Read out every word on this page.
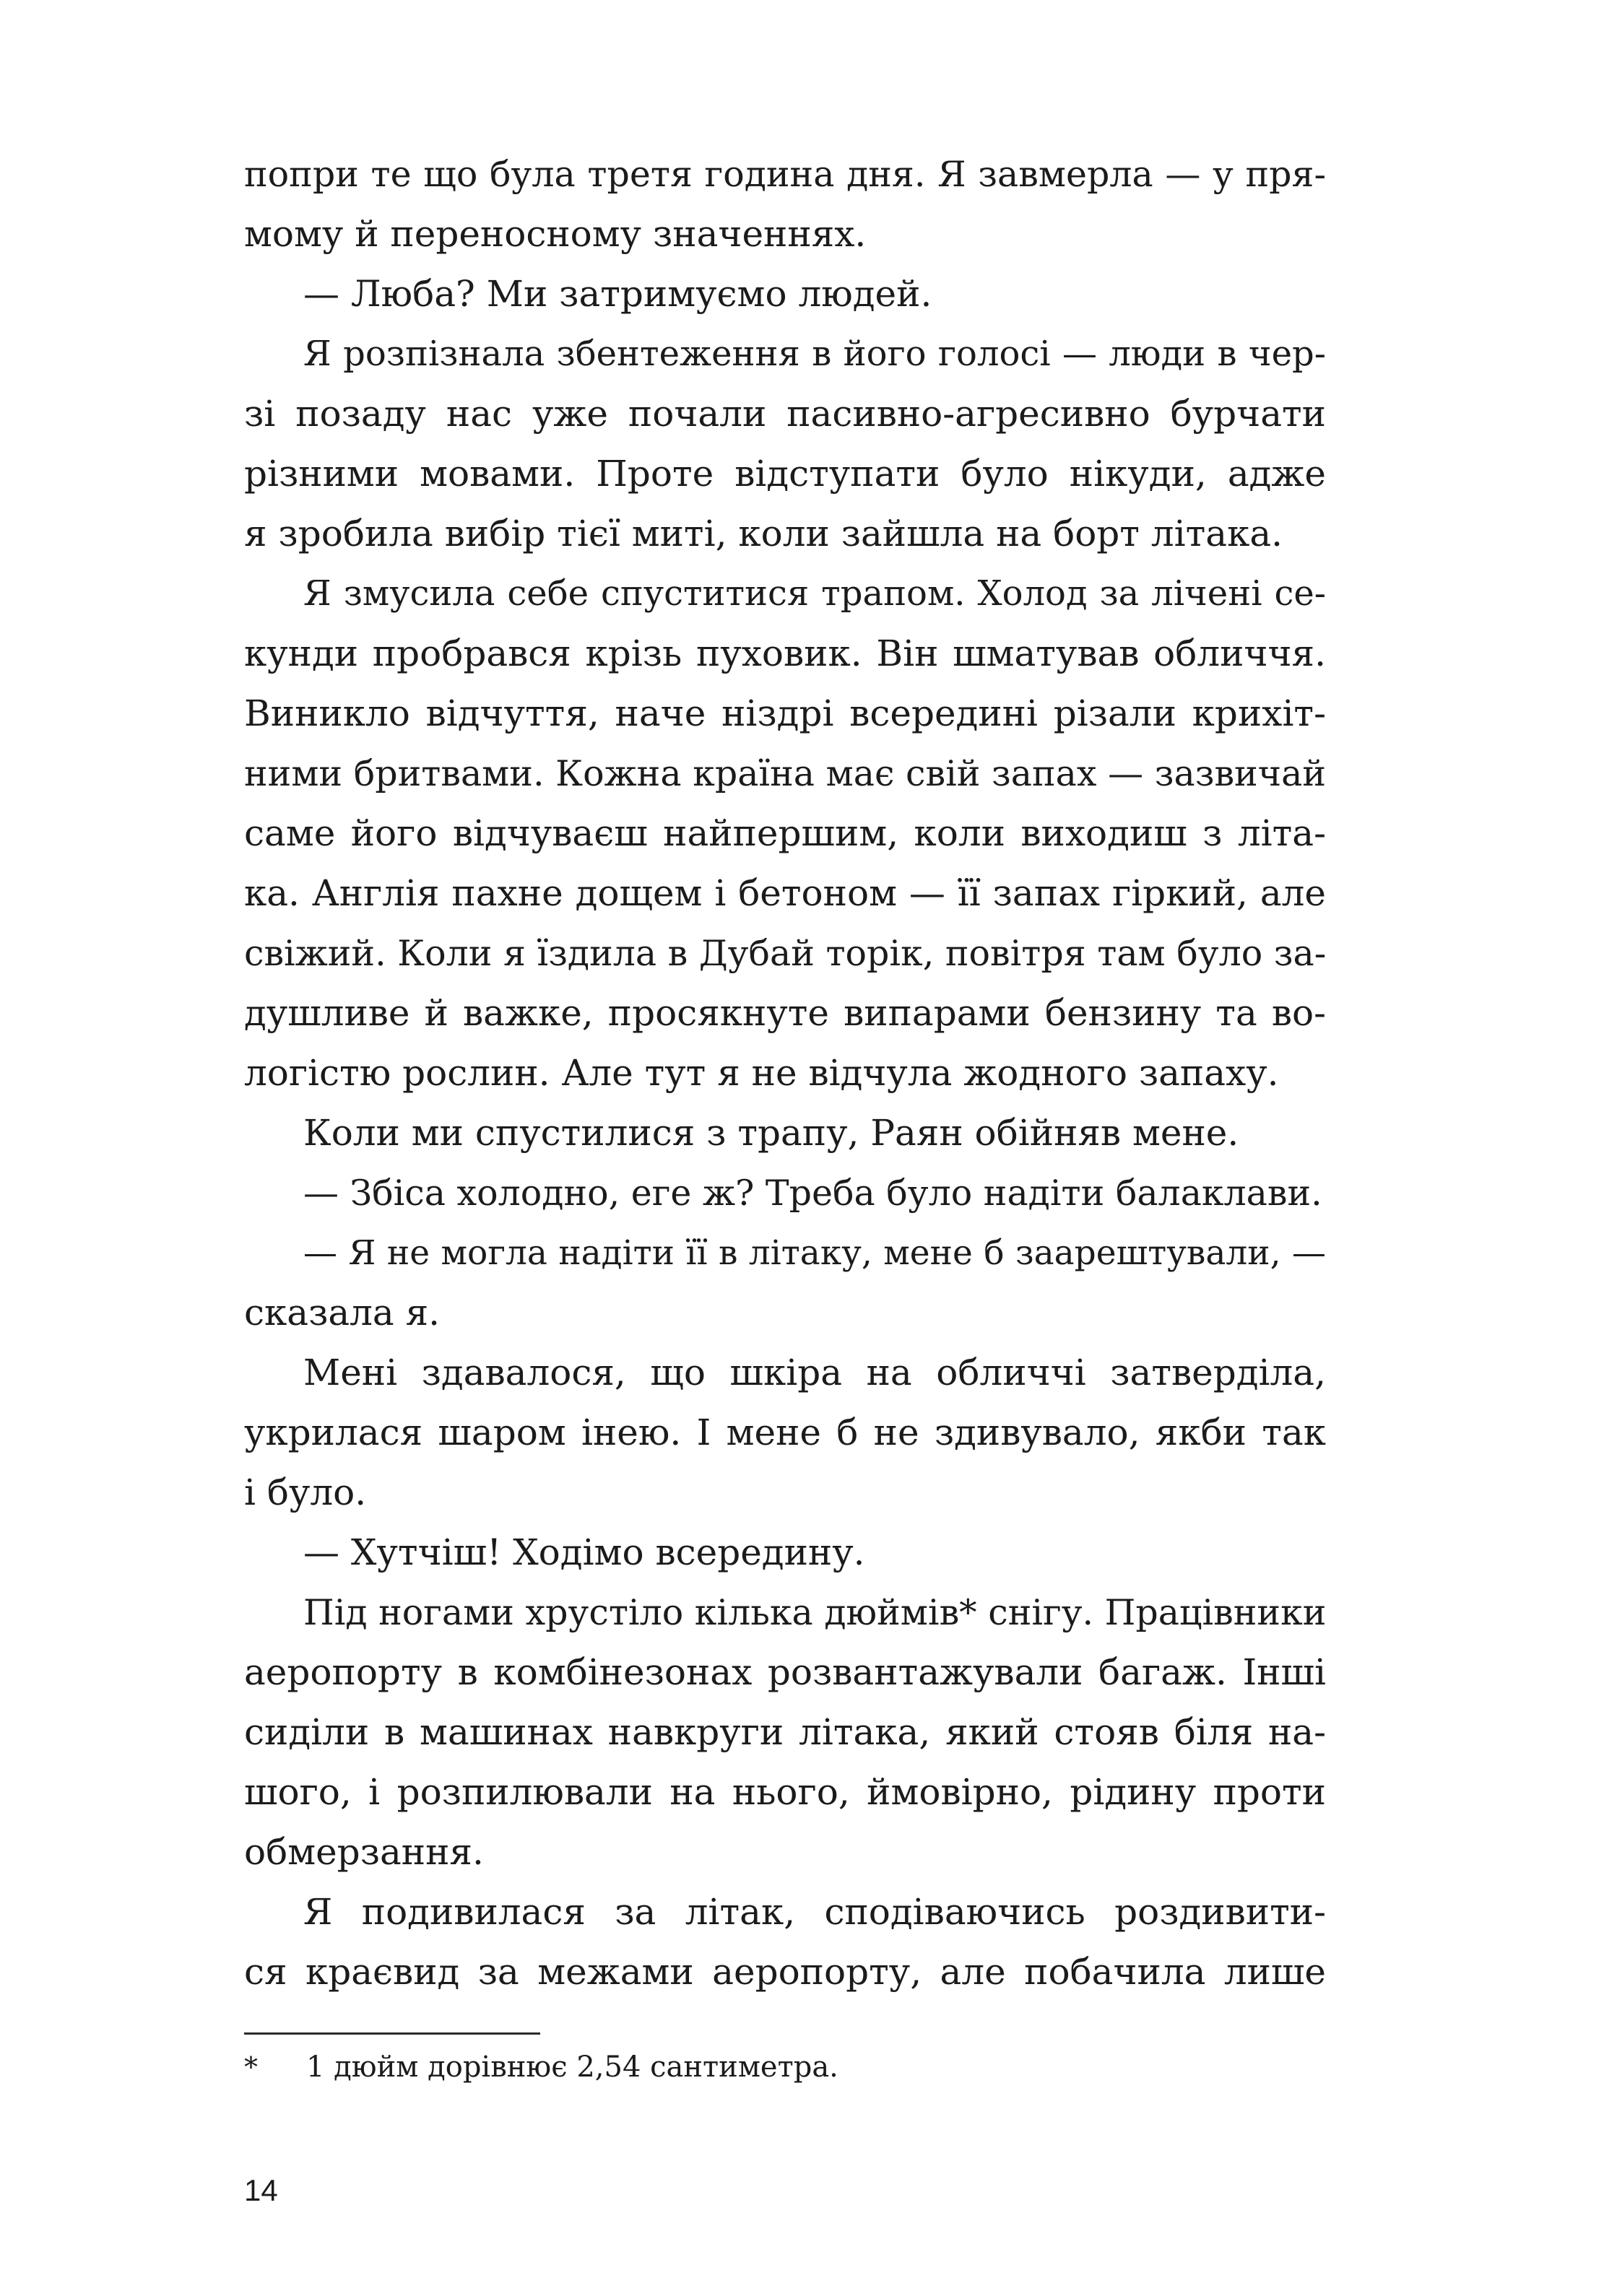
попри те що була третя година дня. Я завмерла — у пря-
мому й переносному значеннях.
— Люба? Ми затримуємо людей.
Я розпізнала збентеження в його голосі — люди в чер-
зі позаду нас уже почали пасивно-агресивно бурчати
різними мовами. Проте відступати було нікуди, адже
я зробила вибір тієї миті, коли зайшла на борт літака.
Я змусила себе спуститися трапом. Холод за лічені се-
кунди пробрався крізь пуховик. Він шматував обличчя.
Виникло відчуття, наче ніздрі всередині різали крихіт-
ними бритвами. Кожна країна має свій запах — зазвичай
саме його відчуваєш найпершим, коли виходиш з літа-
ка. Англія пахне дощем і бетоном — її запах гіркий, але
свіжий. Коли я їздила в Дубай торік, повітря там було за-
душливе й важке, просякнуте випарами бензину та во-
логістю рослин. Але тут я не відчула жодного запаху.
Коли ми спустилися з трапу, Раян обійняв мене.
— Збіса холодно, еге ж? Треба було надіти балаклави.
— Я не могла надіти її в літаку, мене б заарештували, —
сказала я.
Мені здавалося, що шкіра на обличчі затверділа,
укрилася шаром інею. І мене б не здивувало, якби так
і було.
— Хутчіш! Ходімо всередину.
Під ногами хрустіло кілька дюймів* снігу. Працівники
аеропорту в комбінезонах розвантажували багаж. Інші
сиділи в машинах навкруги літака, який стояв біля на-
шого, і розпилювали на нього, ймовірно, рідину проти
обмерзання.
Я подивилася за літак, сподіваючись роздивити-
ся краєвид за межами аеропорту, але побачила лише
* 1 дюйм дорівнює 2,54 сантиметра.
14
